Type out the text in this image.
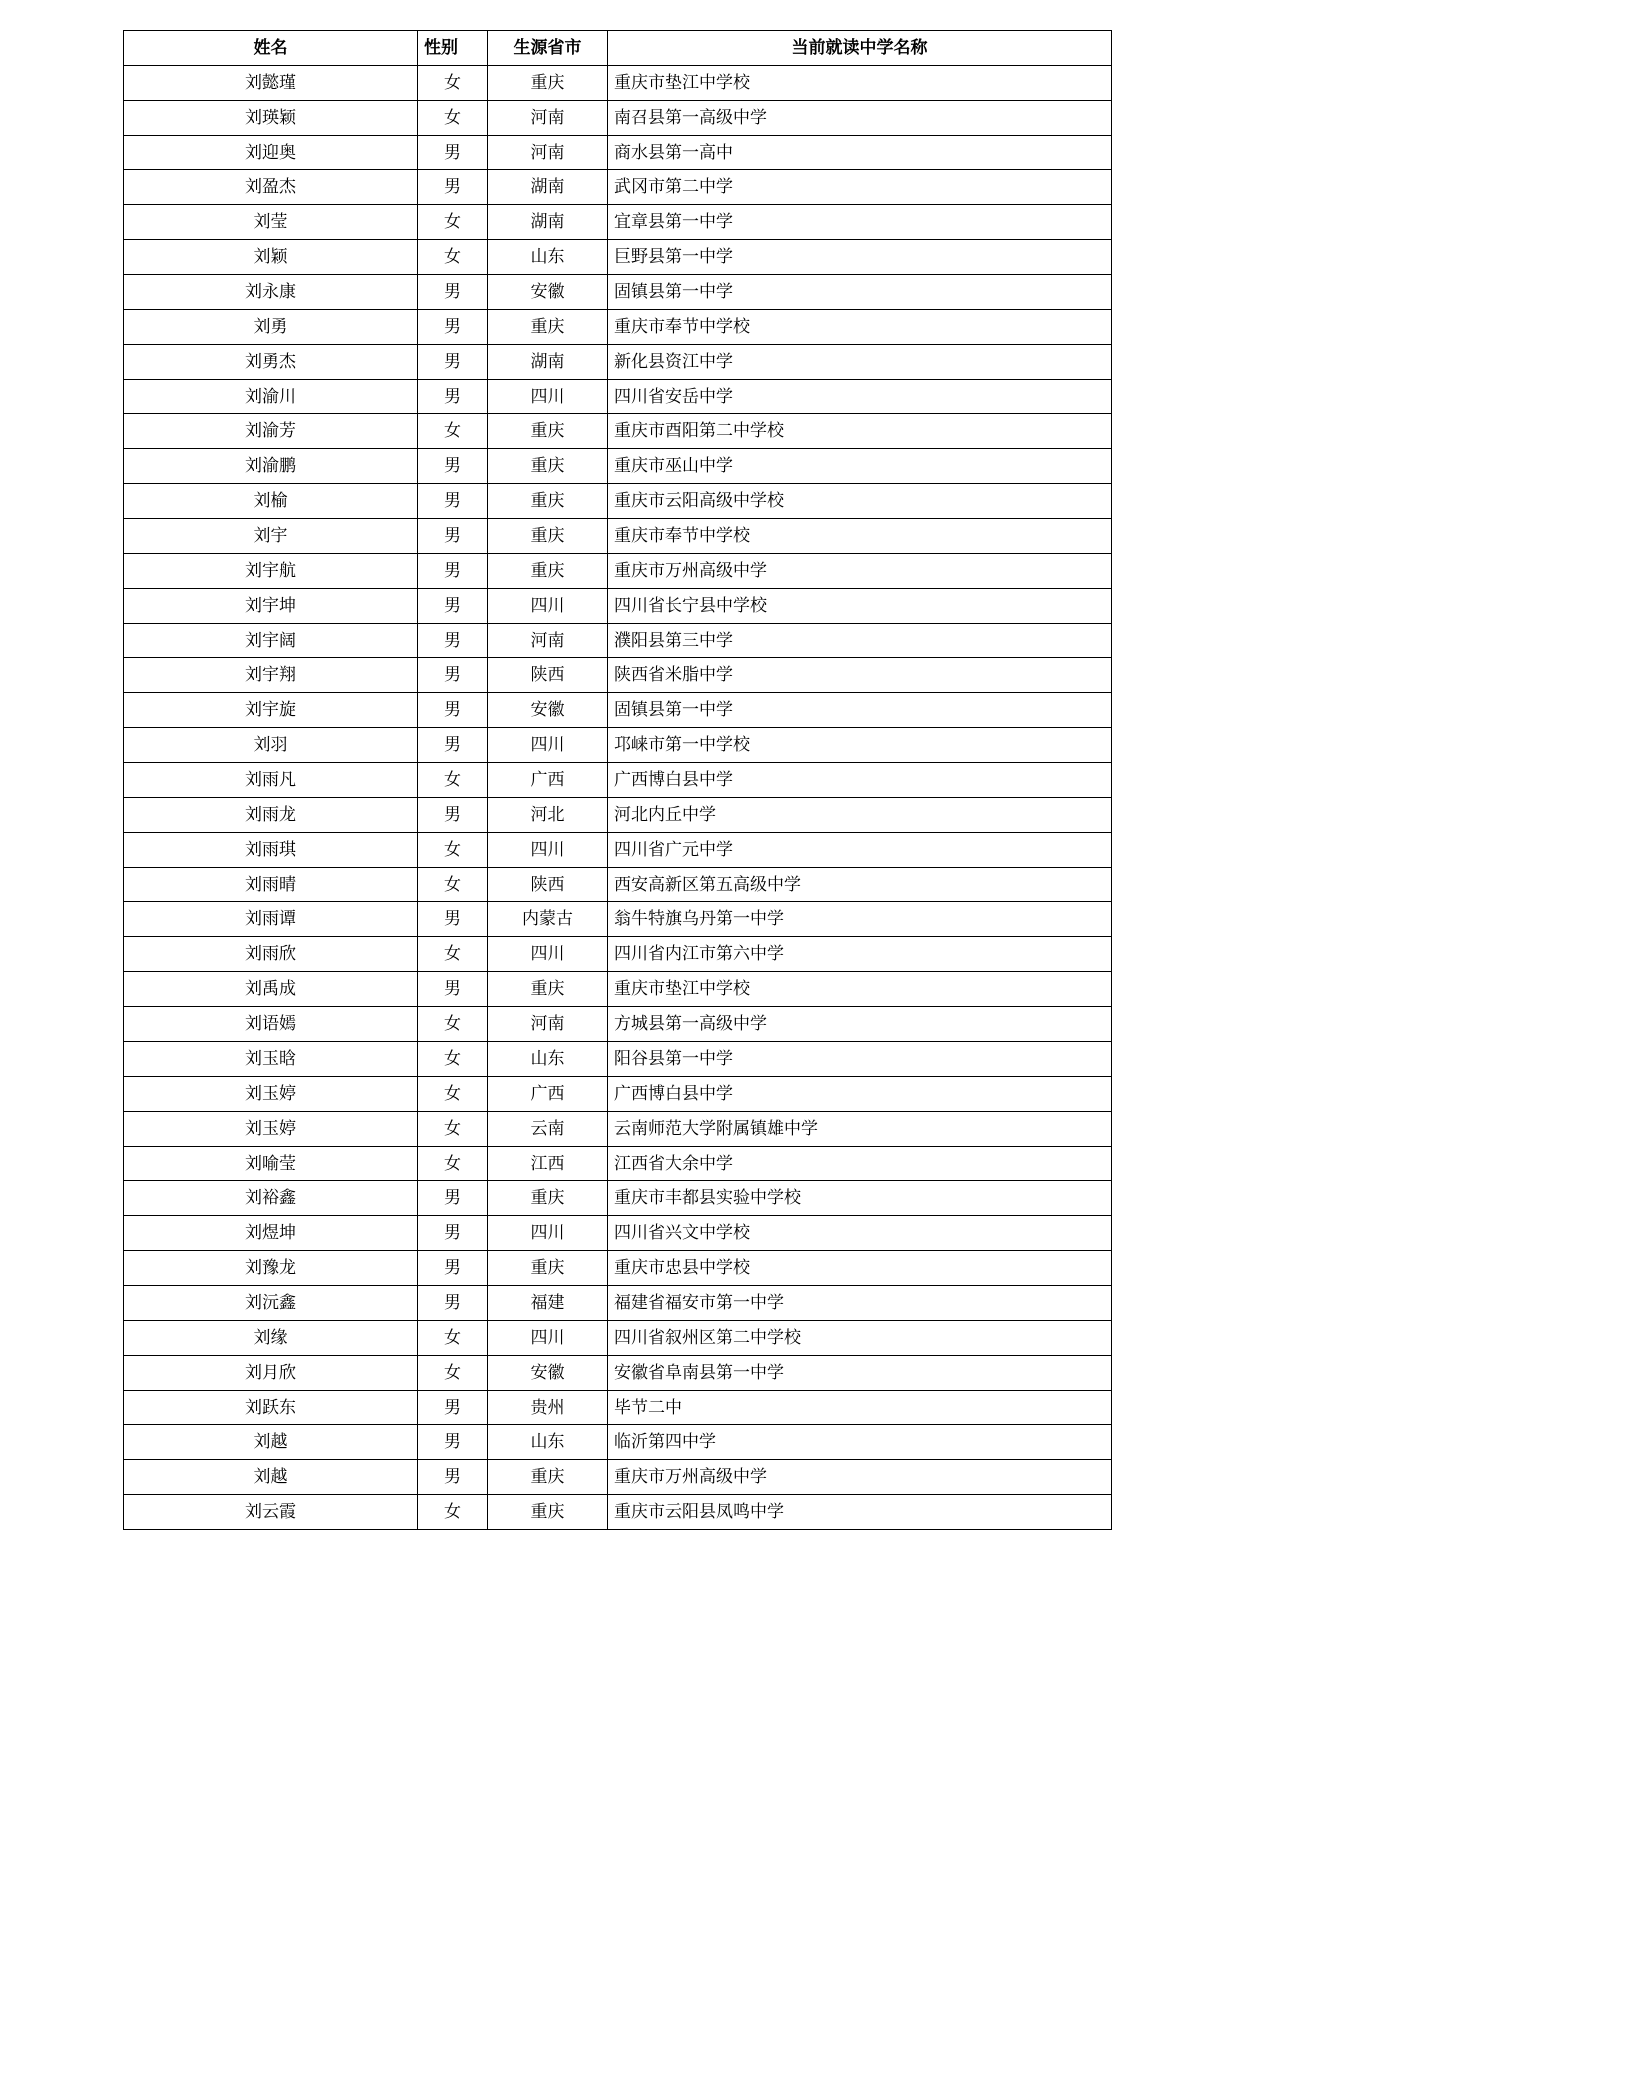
姓名	性别	生源省市	当前就读中学名称
刘懿瑾	女	重庆	重庆市垫江中学校
刘瑛颖	女	河南	南召县第一高级中学
刘迎奥	男	河南	商水县第一高中
刘盈杰	男	湖南	武冈市第二中学
刘莹	女	湖南	宜章县第一中学
刘颖	女	山东	巨野县第一中学
刘永康	男	安徽	固镇县第一中学
刘勇	男	重庆	重庆市奉节中学校
刘勇杰	男	湖南	新化县资江中学
刘渝川	男	四川	四川省安岳中学
刘渝芳	女	重庆	重庆市酉阳第二中学校
刘渝鹏	男	重庆	重庆市巫山中学
刘榆	男	重庆	重庆市云阳高级中学校
刘宇	男	重庆	重庆市奉节中学校
刘宇航	男	重庆	重庆市万州高级中学
刘宇坤	男	四川	四川省长宁县中学校
刘宇阔	男	河南	濮阳县第三中学
刘宇翔	男	陕西	陕西省米脂中学
刘宇旋	男	安徽	固镇县第一中学
刘羽	男	四川	邛崃市第一中学校
刘雨凡	女	广西	广西博白县中学
刘雨龙	男	河北	河北内丘中学
刘雨琪	女	四川	四川省广元中学
刘雨晴	女	陕西	西安高新区第五高级中学
刘雨谭	男	内蒙古	翁牛特旗乌丹第一中学
刘雨欣	女	四川	四川省内江市第六中学
刘禹成	男	重庆	重庆市垫江中学校
刘语嫣	女	河南	方城县第一高级中学
刘玉晗	女	山东	阳谷县第一中学
刘玉婷	女	广西	广西博白县中学
刘玉婷	女	云南	云南师范大学附属镇雄中学
刘喻莹	女	江西	江西省大余中学
刘裕鑫	男	重庆	重庆市丰都县实验中学校
刘煜坤	男	四川	四川省兴文中学校
刘豫龙	男	重庆	重庆市忠县中学校
刘沅鑫	男	福建	福建省福安市第一中学
刘缘	女	四川	四川省叙州区第二中学校
刘月欣	女	安徽	安徽省阜南县第一中学
刘跃东	男	贵州	毕节二中
刘越	男	山东	临沂第四中学
刘越	男	重庆	重庆市万州高级中学
刘云霞	女	重庆	重庆市云阳县凤鸣中学
